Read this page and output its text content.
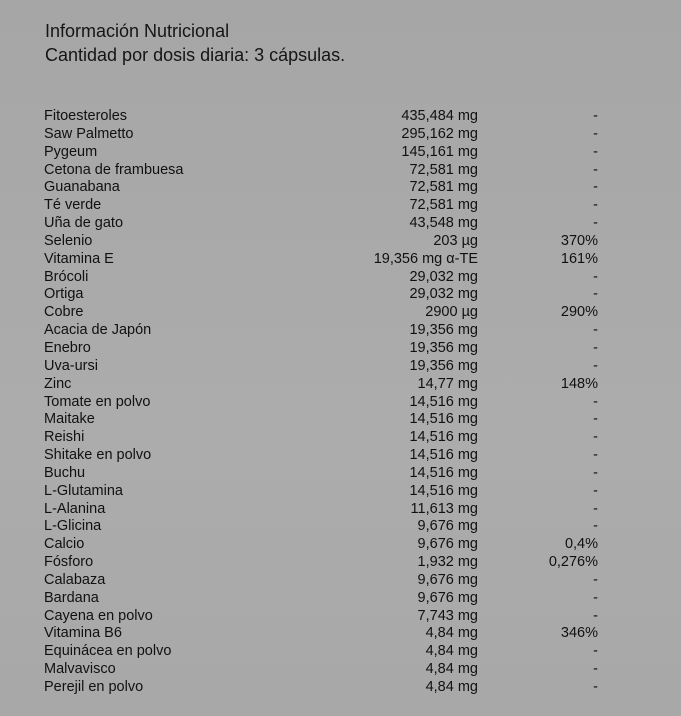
Información Nutricional
Cantidad por dosis diaria: 3 cápsulas.
Fitoesteroles	435,484 mg	-
Saw Palmetto	295,162 mg	-
Pygeum	145,161 mg	-
Cetona de frambuesa	72,581 mg	-
Guanabana	72,581 mg	-
Té verde	72,581 mg	-
Uña de gato	43,548 mg	-
Selenio	203 µg	370%
Vitamina E	19,356 mg α-TE	161%
Brócoli	29,032 mg	-
Ortiga	29,032 mg	-
Cobre	2900 µg	290%
Acacia de Japón	19,356 mg	-
Enebro	19,356 mg	-
Uva-ursi	19,356 mg	-
Zinc	14,77 mg	148%
Tomate en polvo	14,516 mg	-
Maitake	14,516 mg	-
Reishi	14,516 mg	-
Shitake en polvo	14,516 mg	-
Buchu	14,516 mg	-
L-Glutamina	14,516 mg	-
L-Alanina	11,613 mg	-
L-Glicina	9,676 mg	-
Calcio	9,676 mg	0,4%
Fósforo	1,932 mg	0,276%
Calabaza	9,676 mg	-
Bardana	9,676 mg	-
Cayena en polvo	7,743 mg	-
Vitamina B6	4,84 mg	346%
Equinácea en polvo	4,84 mg	-
Malvavisco	4,84 mg	-
Perejil en polvo	4,84 mg	-
